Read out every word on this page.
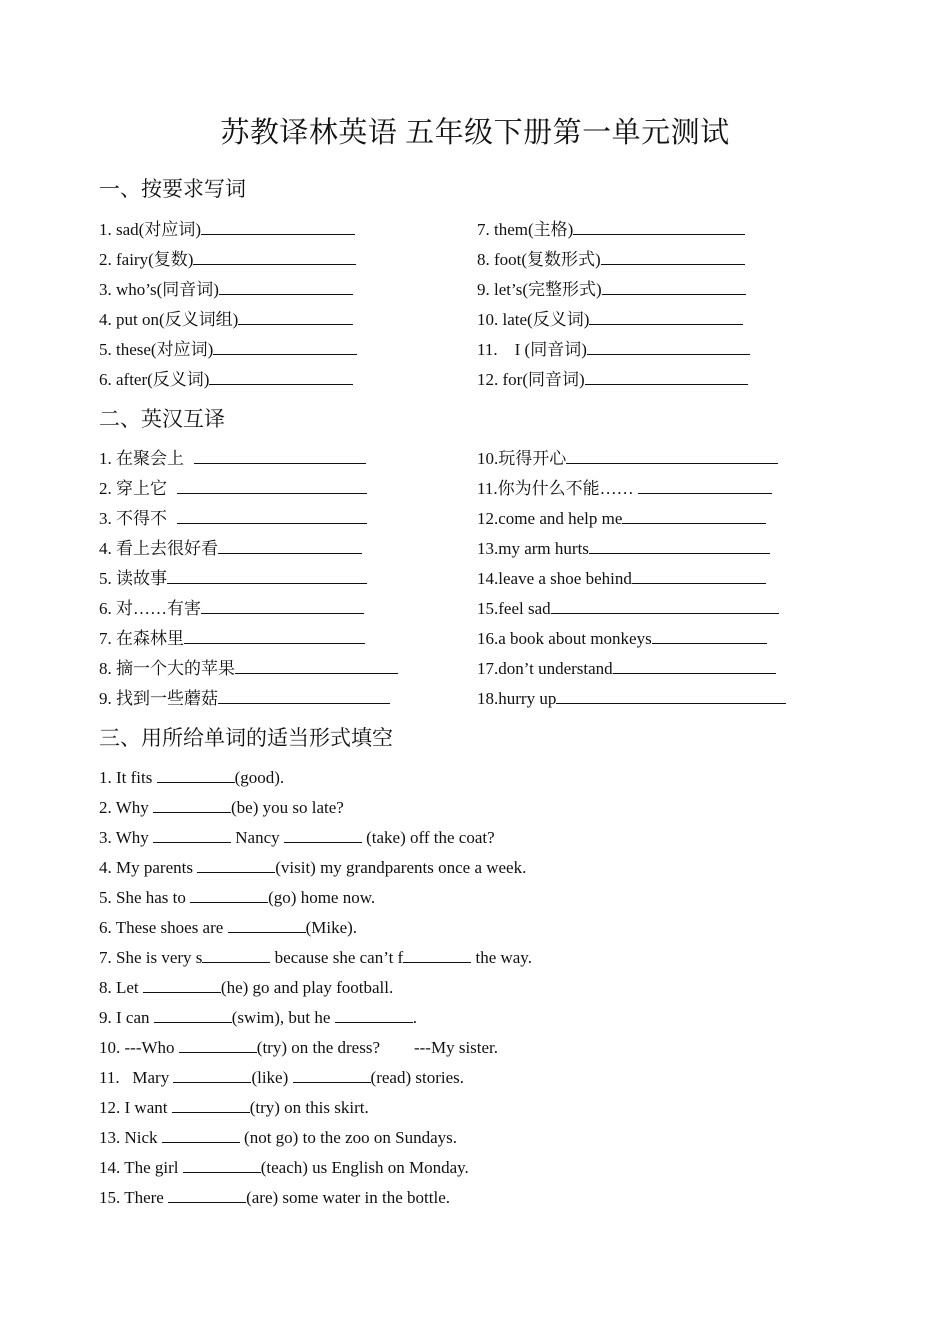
苏教译林英语 五年级下册第一单元测试
一、按要求写词
1. sad(对应词)
2. fairy(复数)
3. who’s(同音词)
4. put on(反义词组)
5. these(对应词)
6. after(反义词)
7. them(主格)
8. foot(复数形式)
9. let’s(完整形式)
10. late(反义词)
11.    I (同音词)
12. for(同音词)
二、英汉互译
1. 在聚会上
2. 穿上它
3. 不得不
4. 看上去很好看
5. 读故事
6. 对……有害
7. 在森林里
8. 摘一个大的苹果
9. 找到一些蘑菇
10.玩得开心
11.你为什么不能……
12.come and help me
13.my arm hurts
14.leave a shoe behind
15.feel sad
16.a book about monkeys
17.don’t understand
18.hurry up
三、用所给单词的适当形式填空
1. It fits	(good).
2. Why	(be) you so late?
3. Why	Nancy	(take) off the coat?
4. My parents	(visit) my grandparents once a week.
5. She has to	(go) home now.
6. These shoes are	(Mike).
7. She is very s	because she can’t f	the way.
8. Let	(he) go and play football.
9. I can	(swim), but he	.
10. ---Who	(try) on the dress?        ---My sister.
11.   Mary	(like)	(read) stories.
12. I want	(try) on this skirt.
13. Nick	(not go) to the zoo on Sundays.
14. The girl	(teach) us English on Monday.
15. There	(are) some water in the bottle.
